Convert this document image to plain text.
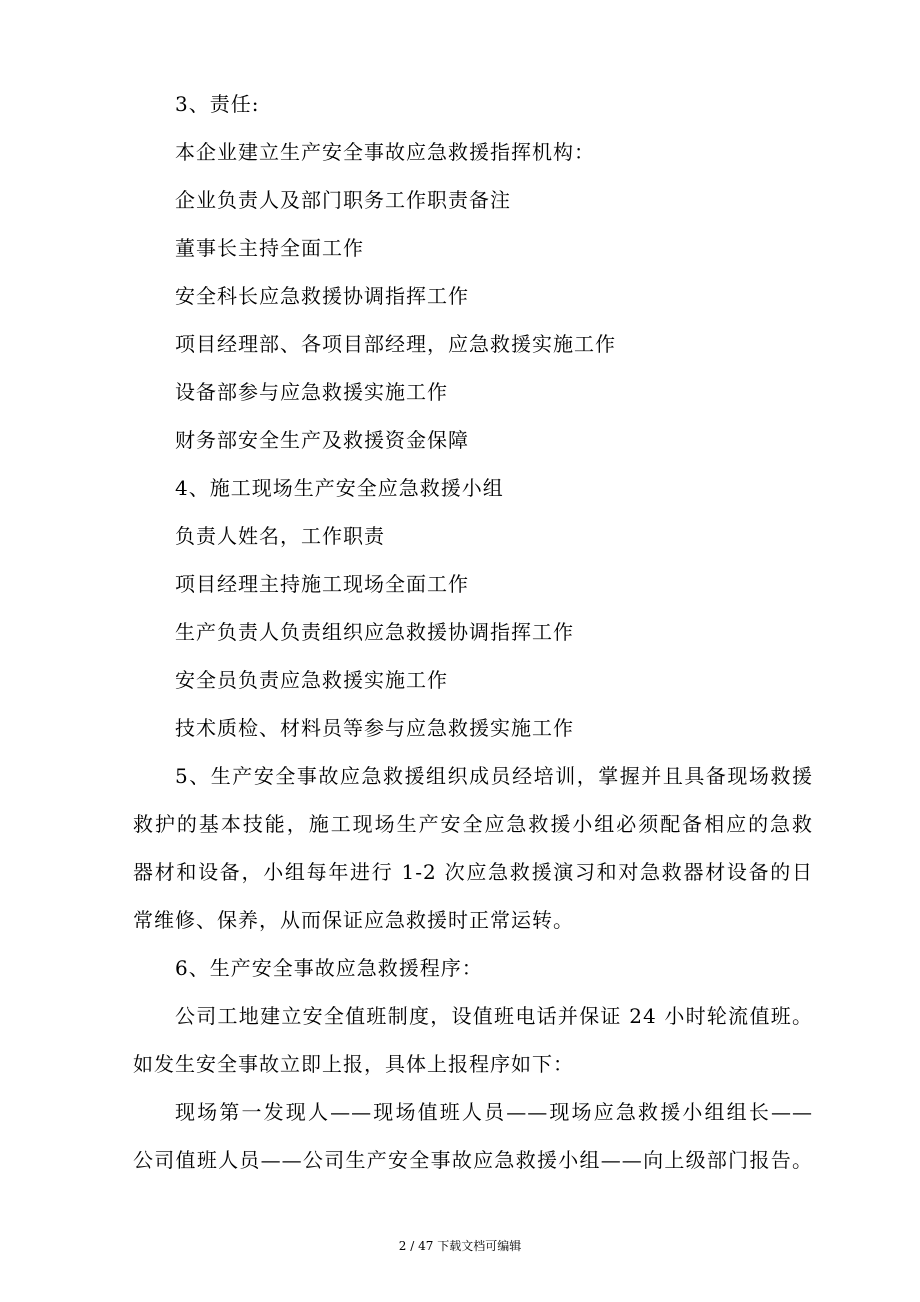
3、责任:
本企业建立生产安全事故应急救援指挥机构：
企业负责人及部门职务工作职责备注
董事长主持全面工作
安全科长应急救援协调指挥工作
项目经理部、各项目部经理，应急救援实施工作
设备部参与应急救援实施工作
财务部安全生产及救援资金保障
4、施工现场生产安全应急救援小组
负责人姓名，工作职责
项目经理主持施工现场全面工作
生产负责人负责组织应急救援协调指挥工作
安全员负责应急救援实施工作
技术质检、材料员等参与应急救援实施工作
5、生产安全事故应急救援组织成员经培训，掌握并且具备现场救援
救护的基本技能，施工现场生产安全应急救援小组必须配备相应的急救
器材和设备，小组每年进行 1-2 次应急救援演习和对急救器材设备的日
常维修、保养，从而保证应急救援时正常运转。
6、生产安全事故应急救援程序：
公司工地建立安全值班制度，设值班电话并保证 24 小时轮流值班。
如发生安全事故立即上报，具体上报程序如下：
现场第一发现人——现场值班人员——现场应急救援小组组长——
公司值班人员——公司生产安全事故应急救援小组——向上级部门报告。
2 / 47 下载文档可编辑
